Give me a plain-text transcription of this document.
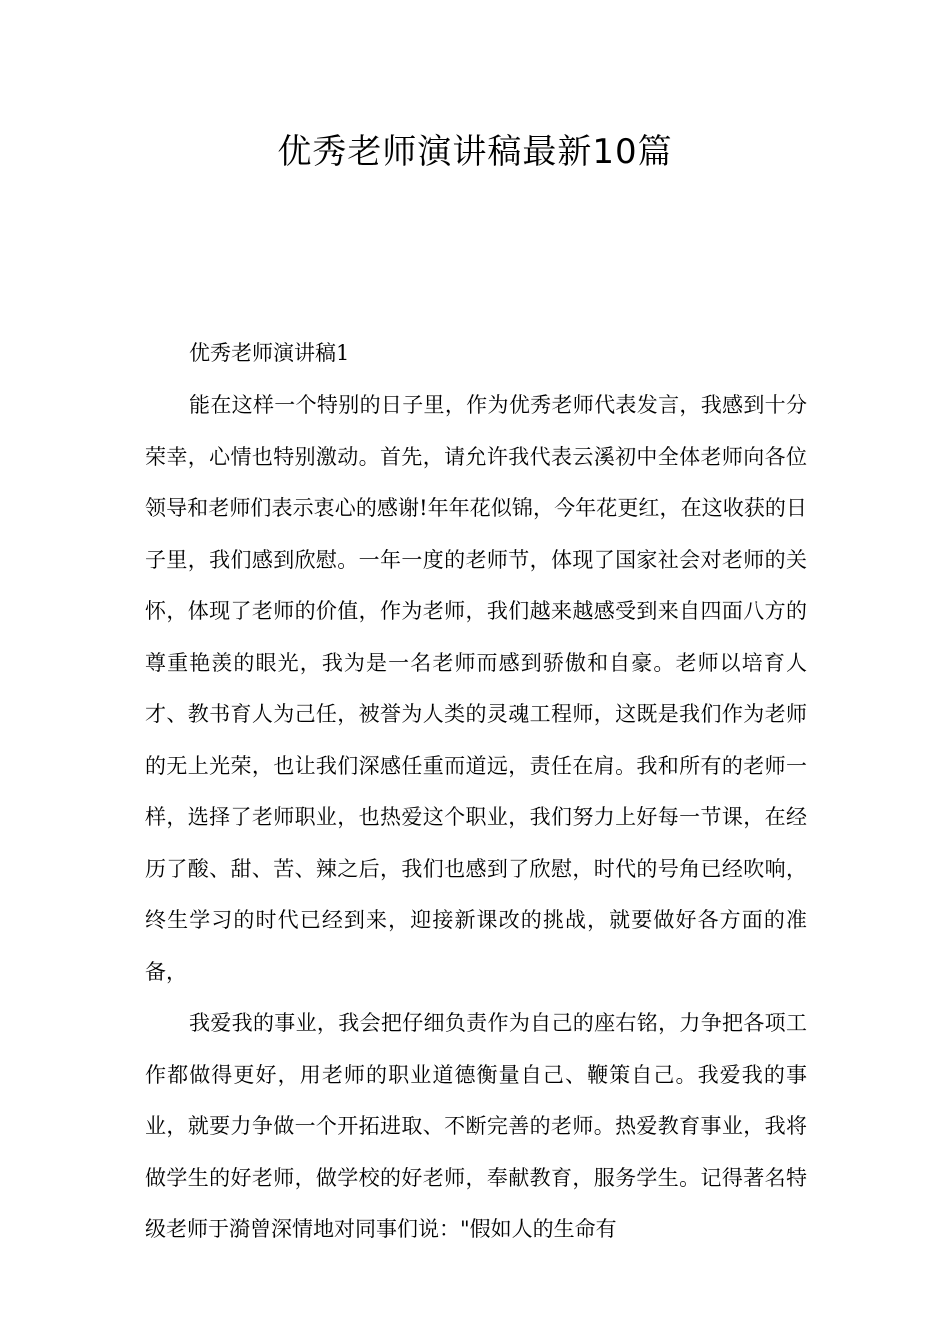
优秀老师演讲稿最新10篇

优秀老师演讲稿1

能在这样一个特别的日子里，作为优秀老师代表发言，我感到十分荣幸，心情也特别激动。首先，请允许我代表云溪初中全体老师向各位领导和老师们表示衷心的感谢!年年花似锦，今年花更红，在这收获的日子里，我们感到欣慰。一年一度的老师节，体现了国家社会对老师的关怀，体现了老师的价值，作为老师，我们越来越感受到来自四面八方的尊重艳羡的眼光，我为是一名老师而感到骄傲和自豪。老师以培育人才、教书育人为己任，被誉为人类的灵魂工程师，这既是我们作为老师的无上光荣，也让我们深感任重而道远，责任在肩。我和所有的老师一样，选择了老师职业，也热爱这个职业，我们努力上好每一节课，在经历了酸、甜、苦、辣之后，我们也感到了欣慰，时代的号角已经吹响，终生学习的时代已经到来，迎接新课改的挑战，就要做好各方面的准备，

我爱我的事业，我会把仔细负责作为自己的座右铭，力争把各项工作都做得更好，用老师的职业道德衡量自己、鞭策自己。我爱我的事业，就要力争做一个开拓进取、不断完善的老师。热爱教育事业，我将做学生的好老师，做学校的好老师，奉献教育，服务学生。记得著名特级老师于漪曾深情地对同事们说："假如人的生命有
